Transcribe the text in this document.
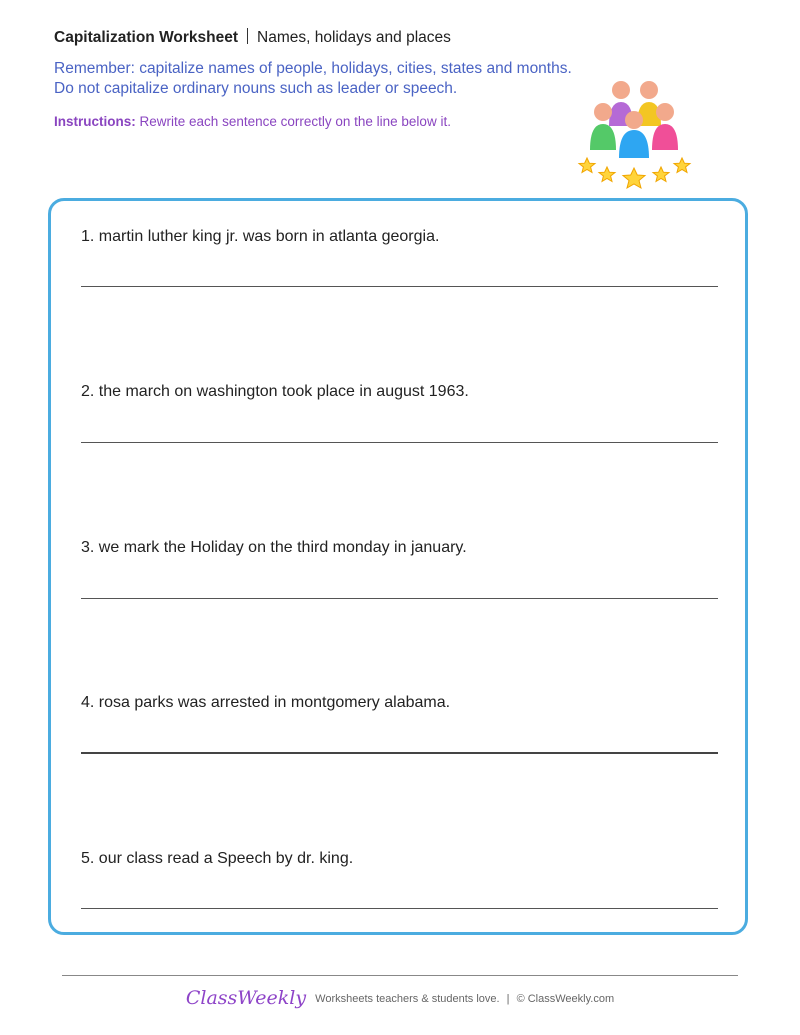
Capitalization Worksheet Names, holidays and places
Remember: capitalize names of people, holidays, cities, states and months. Do not capitalize ordinary nouns such as leader or speech.
Instructions: Rewrite each sentence correctly on the line below it.
1. martin luther king jr. was born in atlanta georgia.
2. the march on washington took place in august 1963.
3. we mark the Holiday on the third monday in january.
4. rosa parks was arrested in montgomery alabama.
5. our class read a Speech by dr. king.
ClassWeekly Worksheets teachers & students love. | © ClassWeekly.com
